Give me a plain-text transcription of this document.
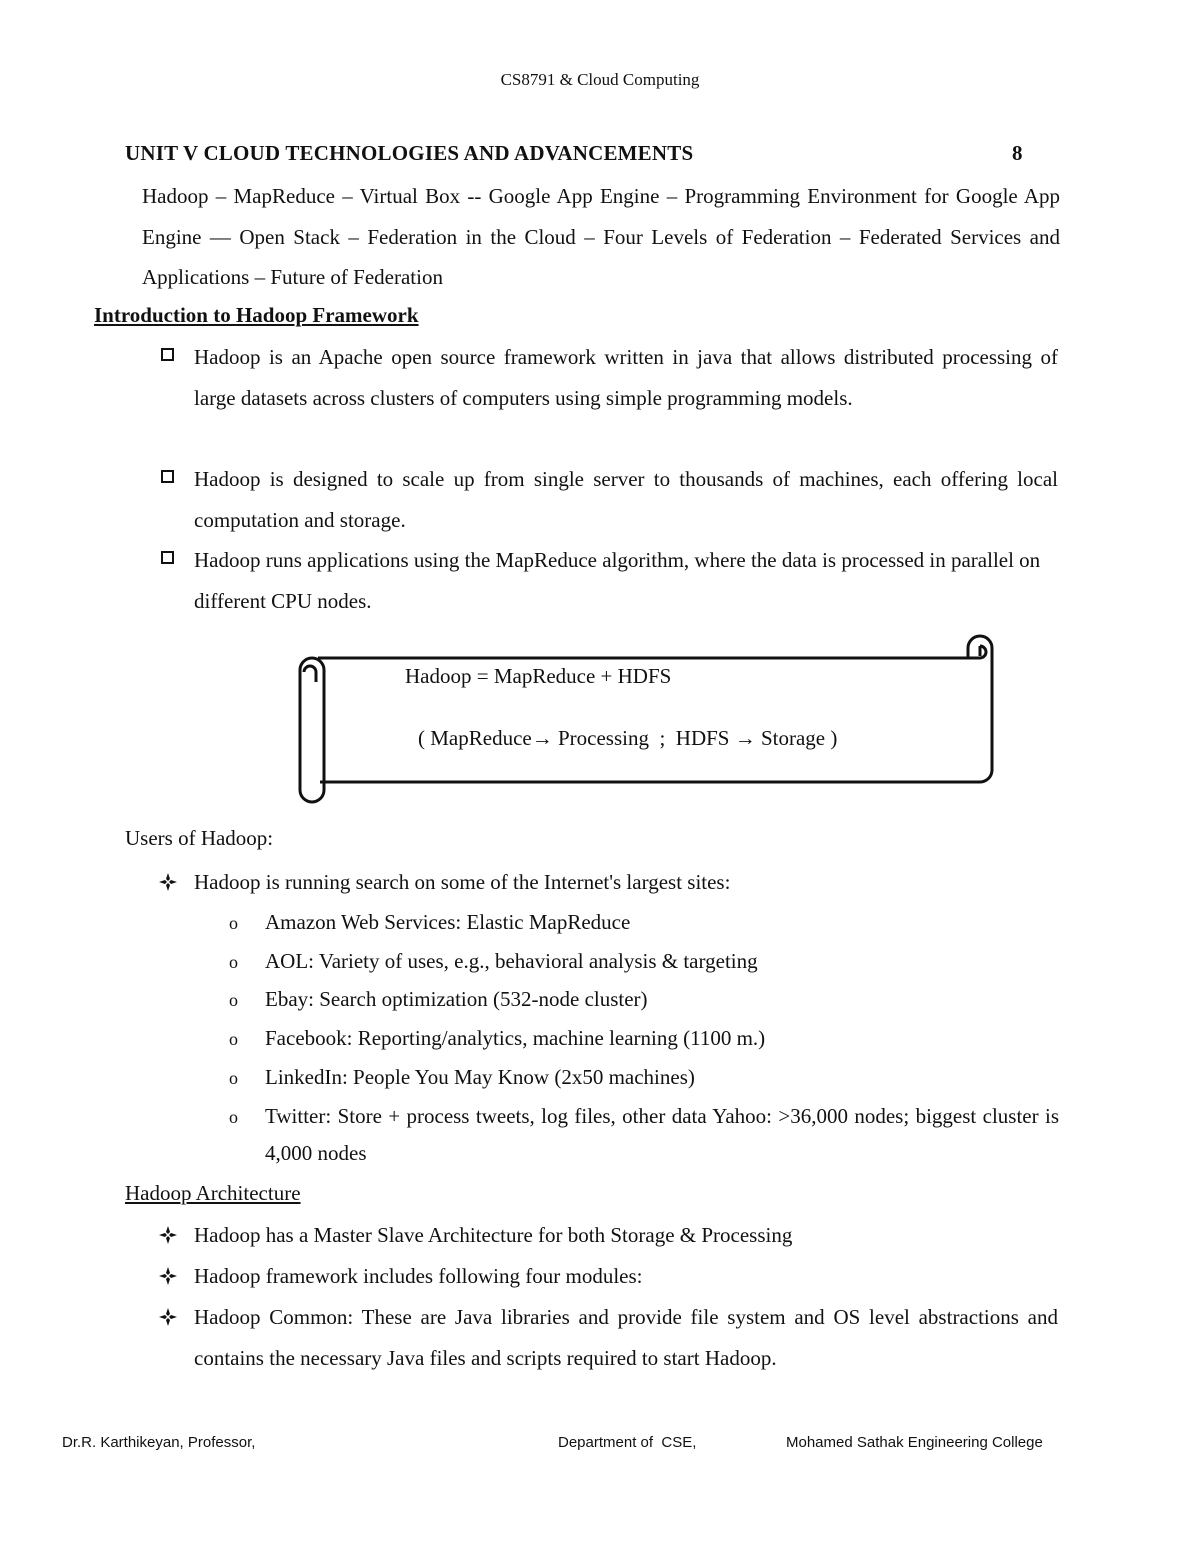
CS8791 & Cloud Computing
UNIT V CLOUD TECHNOLOGIES AND ADVANCEMENTS	8
Hadoop – MapReduce – Virtual Box -- Google App Engine – Programming Environment for Google App Engine –– Open Stack – Federation in the Cloud – Four Levels of Federation – Federated Services and Applications – Future of Federation
Introduction to Hadoop Framework
Hadoop is an Apache open source framework written in java that allows distributed processing of large datasets across clusters of computers using simple programming models.
Hadoop is designed to scale up from single server to thousands of machines, each offering local computation and storage.
Hadoop runs applications using the MapReduce algorithm, where the data is processed in parallel on different CPU nodes.
Hadoop = MapReduce + HDFS
( MapReduce→ Processing  ;  HDFS → Storage )
Users of Hadoop:
Hadoop is running search on some of the Internet's largest sites:
o Amazon Web Services: Elastic MapReduce
o AOL: Variety of uses, e.g., behavioral analysis & targeting
o Ebay: Search optimization (532-node cluster)
o Facebook: Reporting/analytics, machine learning (1100 m.)
o LinkedIn: People You May Know (2x50 machines)
o Twitter: Store + process tweets, log files, other data Yahoo: >36,000 nodes; biggest cluster is 4,000 nodes
Hadoop Architecture
Hadoop has a Master Slave Architecture for both Storage & Processing
Hadoop framework includes following four modules:
Hadoop Common: These are Java libraries and provide file system and OS level abstractions and contains the necessary Java files and scripts required to start Hadoop.
Dr.R. Karthikeyan, Professor,	Department of  CSE,	Mohamed Sathak Engineering College
